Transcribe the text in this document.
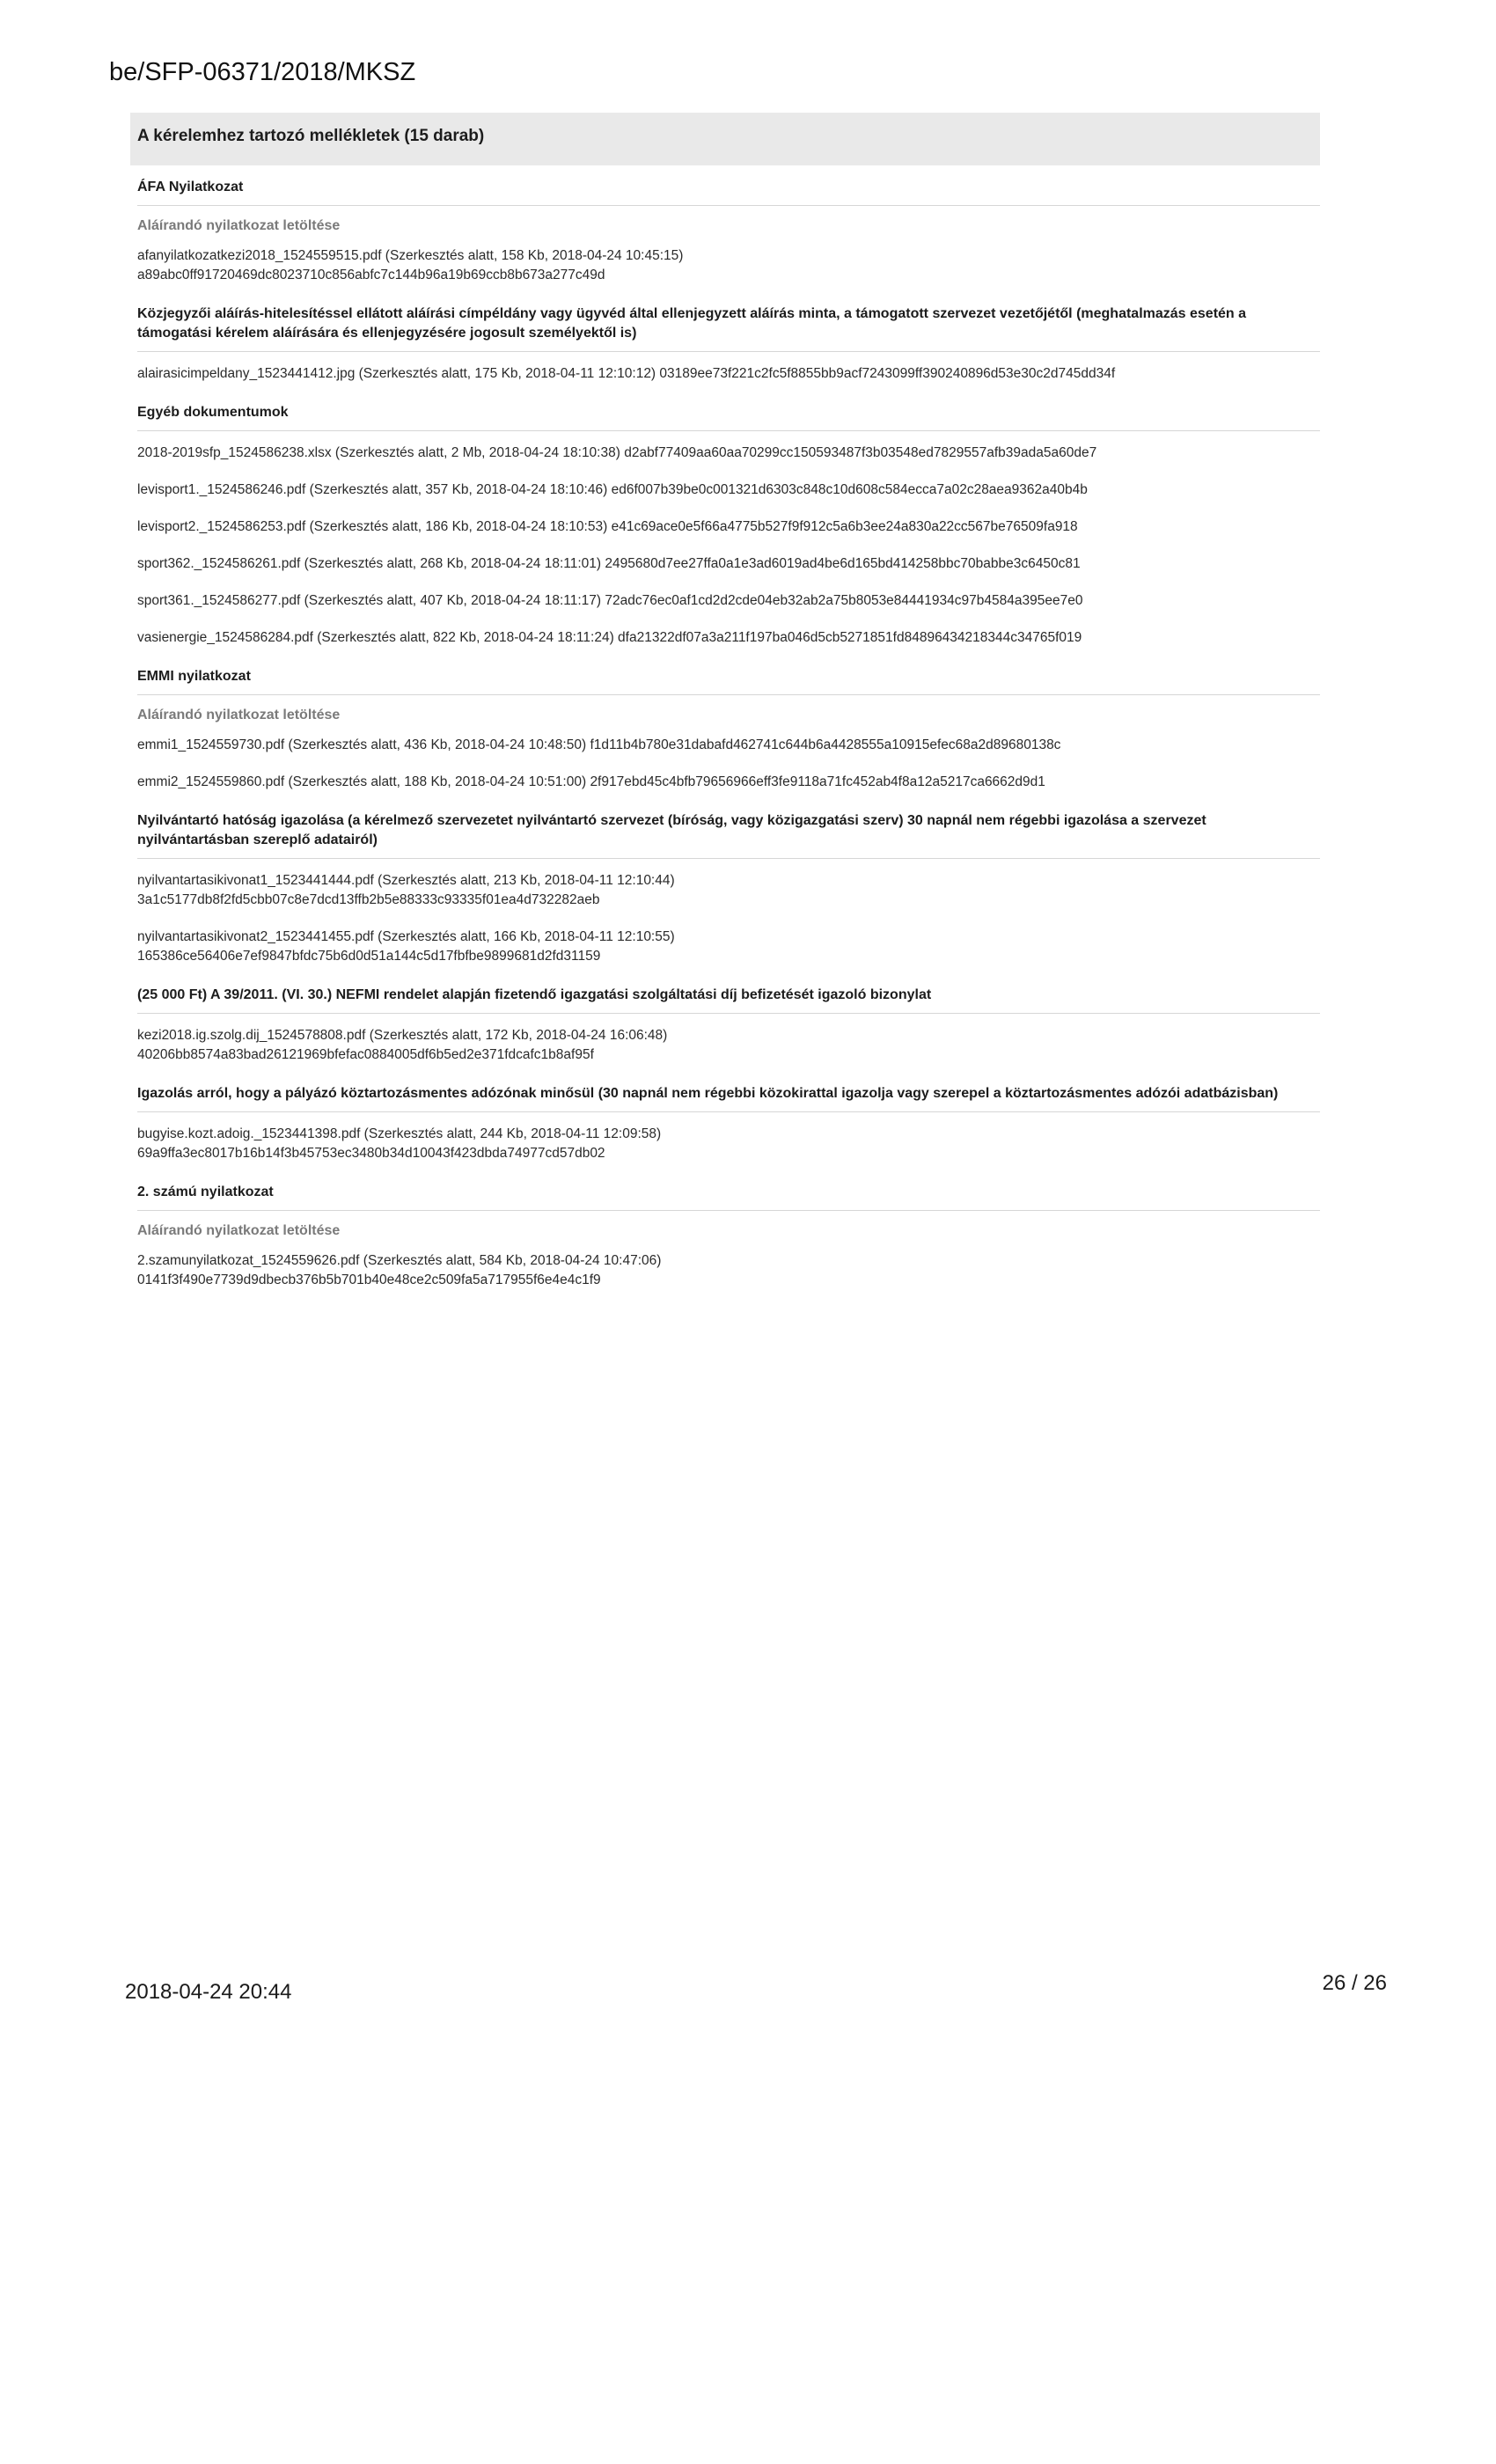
be/SFP-06371/2018/MKSZ
A kérelemhez tartozó mellékletek (15 darab)
ÁFA Nyilatkozat
Aláírandó nyilatkozat letöltése
afanyilatkozatkezi2018_1524559515.pdf (Szerkesztés alatt, 158 Kb, 2018-04-24 10:45:15)
a89abc0ff91720469dc8023710c856abfc7c144b96a19b69ccb8b673a277c49d
Közjegyzői aláírás-hitelesítéssel ellátott aláírási címpéldány vagy ügyvéd által ellenjegyzett aláírás minta, a támogatott szervezet vezetőjétől (meghatalmazás esetén a támogatási kérelem aláírására és ellenjegyzésére jogosult személyektől is)
alairasicimpeldany_1523441412.jpg (Szerkesztés alatt, 175 Kb, 2018-04-11 12:10:12) 03189ee73f221c2fc5f8855bb9acf7243099ff390240896d53e30c2d745dd34f
Egyéb dokumentumok
2018-2019sfp_1524586238.xlsx (Szerkesztés alatt, 2 Mb, 2018-04-24 18:10:38) d2abf77409aa60aa70299cc150593487f3b03548ed7829557afb39ada5a60de7
levisport1._1524586246.pdf (Szerkesztés alatt, 357 Kb, 2018-04-24 18:10:46) ed6f007b39be0c001321d6303c848c10d608c584ecca7a02c28aea9362a40b4b
levisport2._1524586253.pdf (Szerkesztés alatt, 186 Kb, 2018-04-24 18:10:53) e41c69ace0e5f66a4775b527f9f912c5a6b3ee24a830a22cc567be76509fa918
sport362._1524586261.pdf (Szerkesztés alatt, 268 Kb, 2018-04-24 18:11:01) 2495680d7ee27ffa0a1e3ad6019ad4be6d165bd414258bbc70babbe3c6450c81
sport361._1524586277.pdf (Szerkesztés alatt, 407 Kb, 2018-04-24 18:11:17) 72adc76ec0af1cd2d2cde04eb32ab2a75b8053e84441934c97b4584a395ee7e0
vasienergie_1524586284.pdf (Szerkesztés alatt, 822 Kb, 2018-04-24 18:11:24) dfa21322df07a3a211f197ba046d5cb5271851fd84896434218344c34765f019
EMMI nyilatkozat
Aláírandó nyilatkozat letöltése
emmi1_1524559730.pdf (Szerkesztés alatt, 436 Kb, 2018-04-24 10:48:50) f1d11b4b780e31dabafd462741c644b6a4428555a10915efec68a2d89680138c
emmi2_1524559860.pdf (Szerkesztés alatt, 188 Kb, 2018-04-24 10:51:00) 2f917ebd45c4bfb79656966eff3fe9118a71fc452ab4f8a12a5217ca6662d9d1
Nyilvántartó hatóság igazolása (a kérelmező szervezetet nyilvántartó szervezet (bíróság, vagy közigazgatási szerv) 30 napnál nem régebbi igazolása a szervezet nyilvántartásban szereplő adatairól)
nyilvantartasikivonat1_1523441444.pdf (Szerkesztés alatt, 213 Kb, 2018-04-11 12:10:44)
3a1c5177db8f2fd5cbb07c8e7dcd13ffb2b5e88333c93335f01ea4d732282aeb
nyilvantartasikivonat2_1523441455.pdf (Szerkesztés alatt, 166 Kb, 2018-04-11 12:10:55)
165386ce56406e7ef9847bfdc75b6d0d51a144c5d17fbfbe9899681d2fd31159
(25 000 Ft) A 39/2011. (VI. 30.) NEFMI rendelet alapján fizetendő igazgatási szolgáltatási díj befizetését igazoló bizonylat
kezi2018.ig.szolg.dij_1524578808.pdf (Szerkesztés alatt, 172 Kb, 2018-04-24 16:06:48)
40206bb8574a83bad26121969bfefac0884005df6b5ed2e371fdcafc1b8af95f
Igazolás arról, hogy a pályázó köztartozásmentes adózónak minősül (30 napnál nem régebbi közokirattal igazolja vagy szerepel a köztartozásmentes adózói adatbázisban)
bugyise.kozt.adoig._1523441398.pdf (Szerkesztés alatt, 244 Kb, 2018-04-11 12:09:58)
69a9ffa3ec8017b16b14f3b45753ec3480b34d10043f423dbda74977cd57db02
2. számú nyilatkozat
Aláírandó nyilatkozat letöltése
2.szamunyilatkozat_1524559626.pdf (Szerkesztés alatt, 584 Kb, 2018-04-24 10:47:06)
0141f3f490e7739d9dbecb376b5b701b40e48ce2c509fa5a717955f6e4e4c1f9
2018-04-24 20:44	26 / 26
